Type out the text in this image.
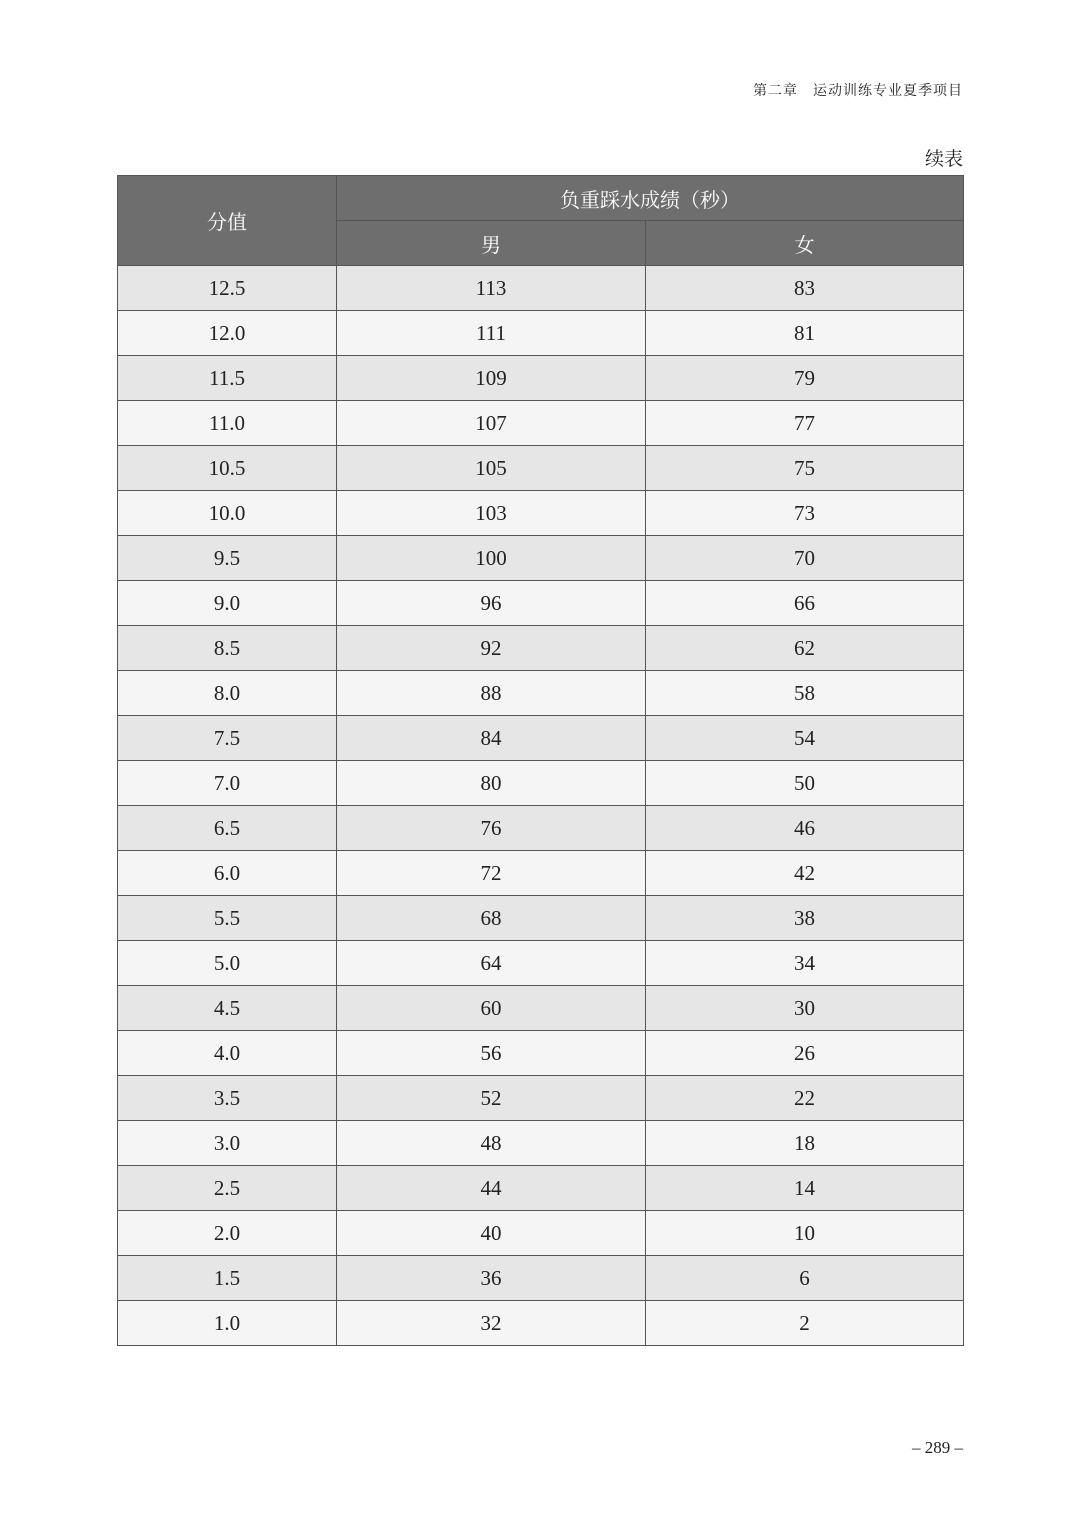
第二章　运动训练专业夏季项目
续表
分值	负重踩水成绩（秒）	
	男	女
12.5	113	83
12.0	111	81
11.5	109	79
11.0	107	77
10.5	105	75
10.0	103	73
9.5	100	70
9.0	96	66
8.5	92	62
8.0	88	58
7.5	84	54
7.0	80	50
6.5	76	46
6.0	72	42
5.5	68	38
5.0	64	34
4.5	60	30
4.0	56	26
3.5	52	22
3.0	48	18
2.5	44	14
2.0	40	10
1.5	36	6
1.0	32	2
– 289 –
